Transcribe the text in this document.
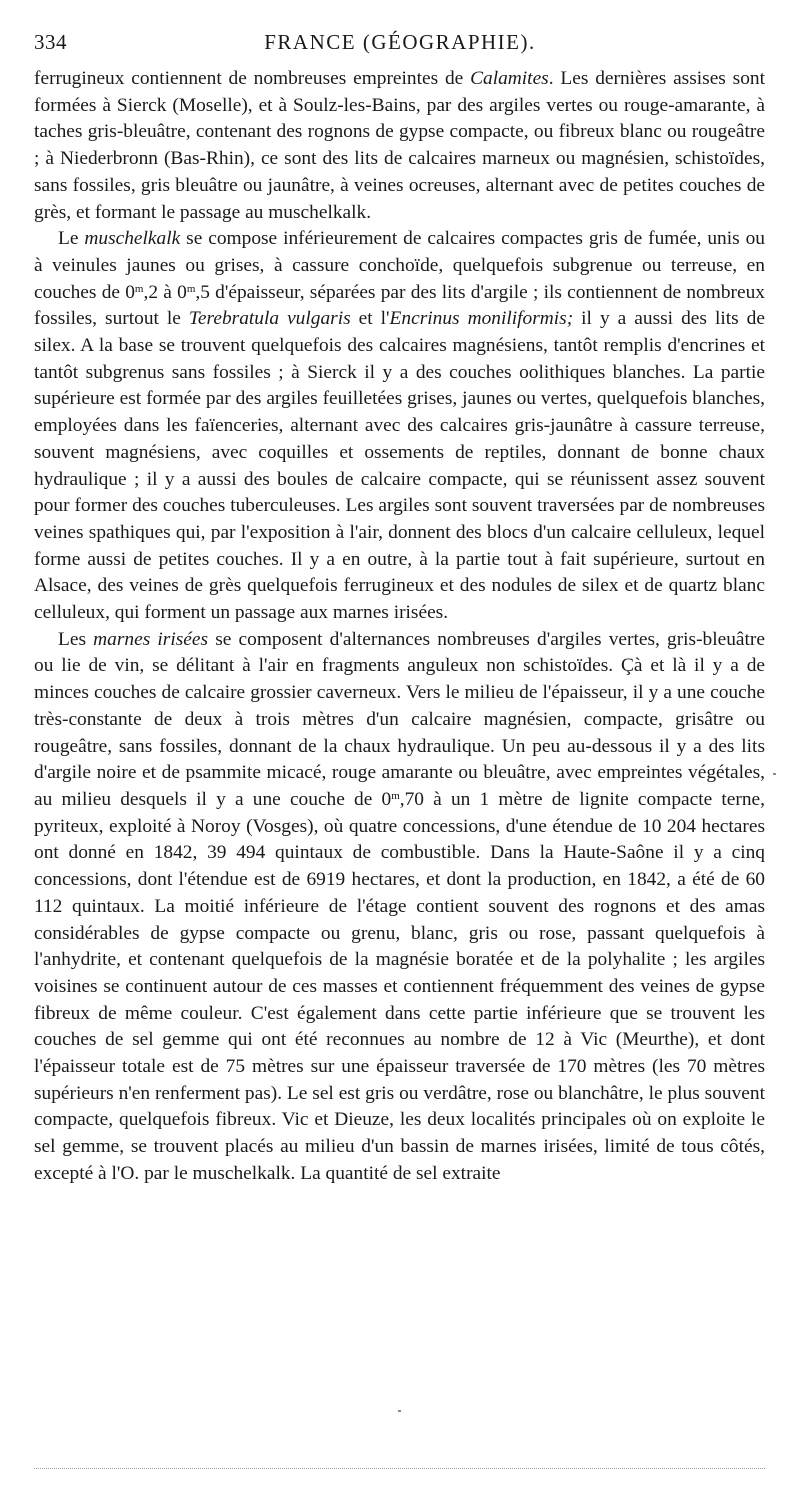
334	FRANCE (GÉOGRAPHIE).

ferrugineux contiennent de nombreuses empreintes de Calamites. Les dernières assises sont formées à Sierck (Moselle), et à Soulz-les-Bains, par des argiles vertes ou rouge-amarante, à taches gris-bleuâtre, contenant des rognons de gypse compacte, ou fibreux blanc ou rougeâtre ; à Niederbronn (Bas-Rhin), ce sont des lits de calcaires marneux ou magnésien, schistoïdes, sans fossiles, gris bleuâtre ou jaunâtre, à veines ocreuses, alternant avec de petites couches de grès, et formant le passage au muschelkalk.

Le muschelkalk se compose inférieurement de calcaires compactes gris de fumée, unis ou à veinules jaunes ou grises, à cassure conchoïde, quelquefois subgrenue ou terreuse, en couches de 0$^m$,2 à 0$^m$,5 d'épaisseur, séparées par des lits d'argile ; ils contiennent de nombreux fossiles, surtout le Terebratula vulgaris et l'Encrinus moniliformis; il y a aussi des lits de silex. A la base se trouvent quelquefois des calcaires magnésiens, tantôt remplis d'encrines et tantôt subgrenus sans fossiles ; à Sierck il y a des couches oolithiques blanches. La partie supérieure est formée par des argiles feuilletées grises, jaunes ou vertes, quelquefois blanches, employées dans les faïenceries, alternant avec des calcaires gris-jaunâtre à cassure terreuse, souvent magnésiens, avec coquilles et ossements de reptiles, donnant de bonne chaux hydraulique ; il y a aussi des boules de calcaire compacte, qui se réunissent assez souvent pour former des couches tuberculeuses. Les argiles sont souvent traversées par de nombreuses veines spathiques qui, par l'exposition à l'air, donnent des blocs d'un calcaire celluleux, lequel forme aussi de petites couches. Il y a en outre, à la partie tout à fait supérieure, surtout en Alsace, des veines de grès quelquefois ferrugineux et des nodules de silex et de quartz blanc celluleux, qui forment un passage aux marnes irisées.

Les marnes irisées se composent d'alternances nombreuses d'argiles vertes, gris-bleuâtre ou lie de vin, se délitant à l'air en fragments anguleux non schistoïdes. Çà et là il y a de minces couches de calcaire grossier caverneux. Vers le milieu de l'épaisseur, il y a une couche très-constante de deux à trois mètres d'un calcaire magnésien, compacte, grisâtre ou rougeâtre, sans fossiles, donnant de la chaux hydraulique. Un peu au-dessous il y a des lits d'argile noire et de psammite micacé, rouge amarante ou bleuâtre, avec empreintes végétales, au milieu desquels il y a une couche de 0$^m$,70 à un 1 mètre de lignite compacte terne, pyriteux, exploité à Noroy (Vosges), où quatre concessions, d'une étendue de 10 204 hectares ont donné en 1842, 39 494 quintaux de combustible. Dans la Haute-Saône il y a cinq concessions, dont l'étendue est de 6919 hectares, et dont la production, en 1842, a été de 60 112 quintaux. La moitié inférieure de l'étage contient souvent des rognons et des amas considérables de gypse compacte ou grenu, blanc, gris ou rose, passant quelquefois à l'anhydrite, et contenant quelquefois de la magnésie boratée et de la polyhalite ; les argiles voisines se continuent autour de ces masses et contiennent fréquemment des veines de gypse fibreux de même couleur. C'est également dans cette partie inférieure que se trouvent les couches de sel gemme qui ont été reconnues au nombre de 12 à Vic (Meurthe), et dont l'épaisseur totale est de 75 mètres sur une épaisseur traversée de 170 mètres (les 70 mètres supérieurs n'en renferment pas). Le sel est gris ou verdâtre, rose ou blanchâtre, le plus souvent compacte, quelquefois fibreux. Vic et Dieuze, les deux localités principales où on exploite le sel gemme, se trouvent placés au milieu d'un bassin de marnes irisées, limité de tous côtés, excepté à l'O. par le muschelkalk. La quantité de sel extraite
